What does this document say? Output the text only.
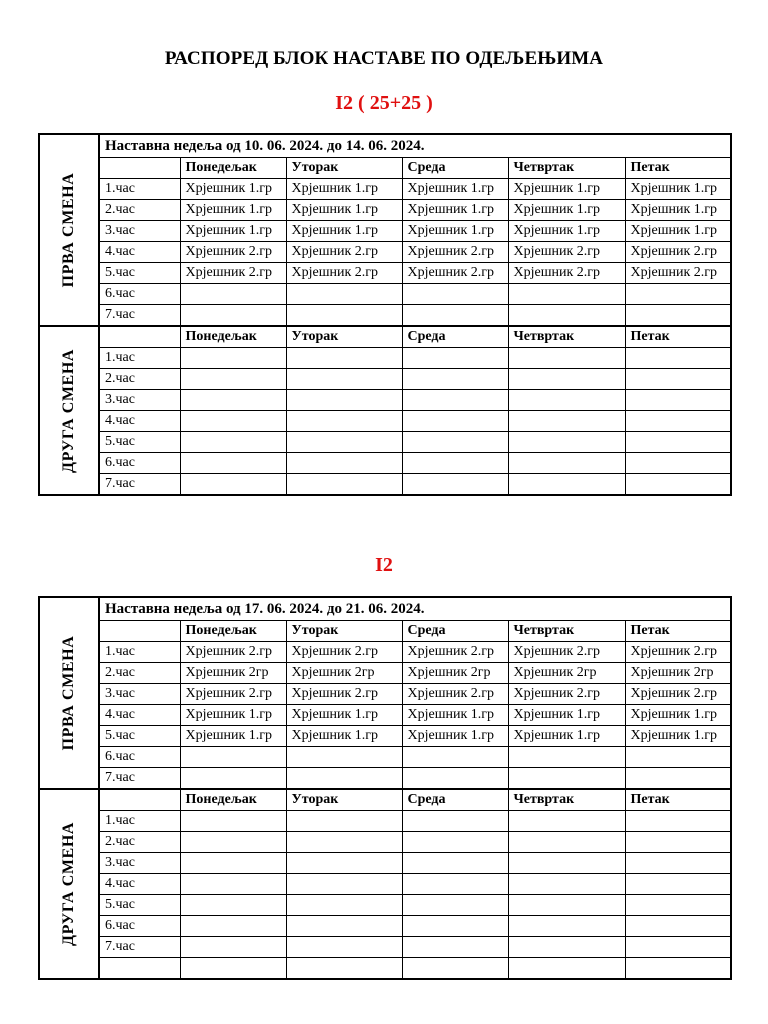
РАСПОРЕД БЛОК НАСТАВЕ ПО ОДЕЉЕЊИМА
I2 ( 25+25 )
ПРВА СМЕНА	Настaвна недеља од 10. 06. 2024. до 14. 06. 2024.					
		Понедељак	Уторак	Среда	Четвртак	Петак
	1.час	Хрјешник 1.гр	Хрјешник 1.гр	Хрјешник 1.гр	Хрјешник 1.гр	Хрјешник 1.гр
	2.час	Хрјешник 1.гр	Хрјешник 1.гр	Хрјешник 1.гр	Хрјешник 1.гр	Хрјешник 1.гр
	3.час	Хрјешник 1.гр	Хрјешник 1.гр	Хрјешник 1.гр	Хрјешник 1.гр	Хрјешник 1.гр
	4.час	Хрјешник 2.гр	Хрјешник 2.гр	Хрјешник 2.гр	Хрјешник 2.гр	Хрјешник 2.гр
	5.час	Хрјешник 2.гр	Хрјешник 2.гр	Хрјешник 2.гр	Хрјешник 2.гр	Хрјешник 2.гр
	6.час					
	7.час					

ДРУГА СМЕНА		Понедељак	Уторак	Среда	Четвртак	Петак
	1.час					
	2.час					
	3.час					
	4.час					
	5.час					
	6.час					
	7.час					
I2
ПРВА СМЕНА	Настaвна недеља од 17. 06. 2024. до 21. 06. 2024.					
		Понедељак	Уторак	Среда	Четвртак	Петак
	1.час	Хрјешник 2.гр	Хрјешник 2.гр	Хрјешник 2.гр	Хрјешник 2.гр	Хрјешник 2.гр
	2.час	Хрјешник 2гр	Хрјешник 2гр	Хрјешник 2гр	Хрјешник 2гр	Хрјешник 2гр
	3.час	Хрјешник 2.гр	Хрјешник 2.гр	Хрјешник 2.гр	Хрјешник 2.гр	Хрјешник 2.гр
	4.час	Хрјешник 1.гр	Хрјешник 1.гр	Хрјешник 1.гр	Хрјешник 1.гр	Хрјешник 1.гр
	5.час	Хрјешник 1.гр	Хрјешник 1.гр	Хрјешник 1.гр	Хрјешник 1.гр	Хрјешник 1.гр
	6.час					
	7.час					

ДРУГА СМЕНА		Понедељак	Уторак	Среда	Четвртак	Петак
	1.час					
	2.час					
	3.час					
	4.час					
	5.час					
	6.час					
	7.час					
